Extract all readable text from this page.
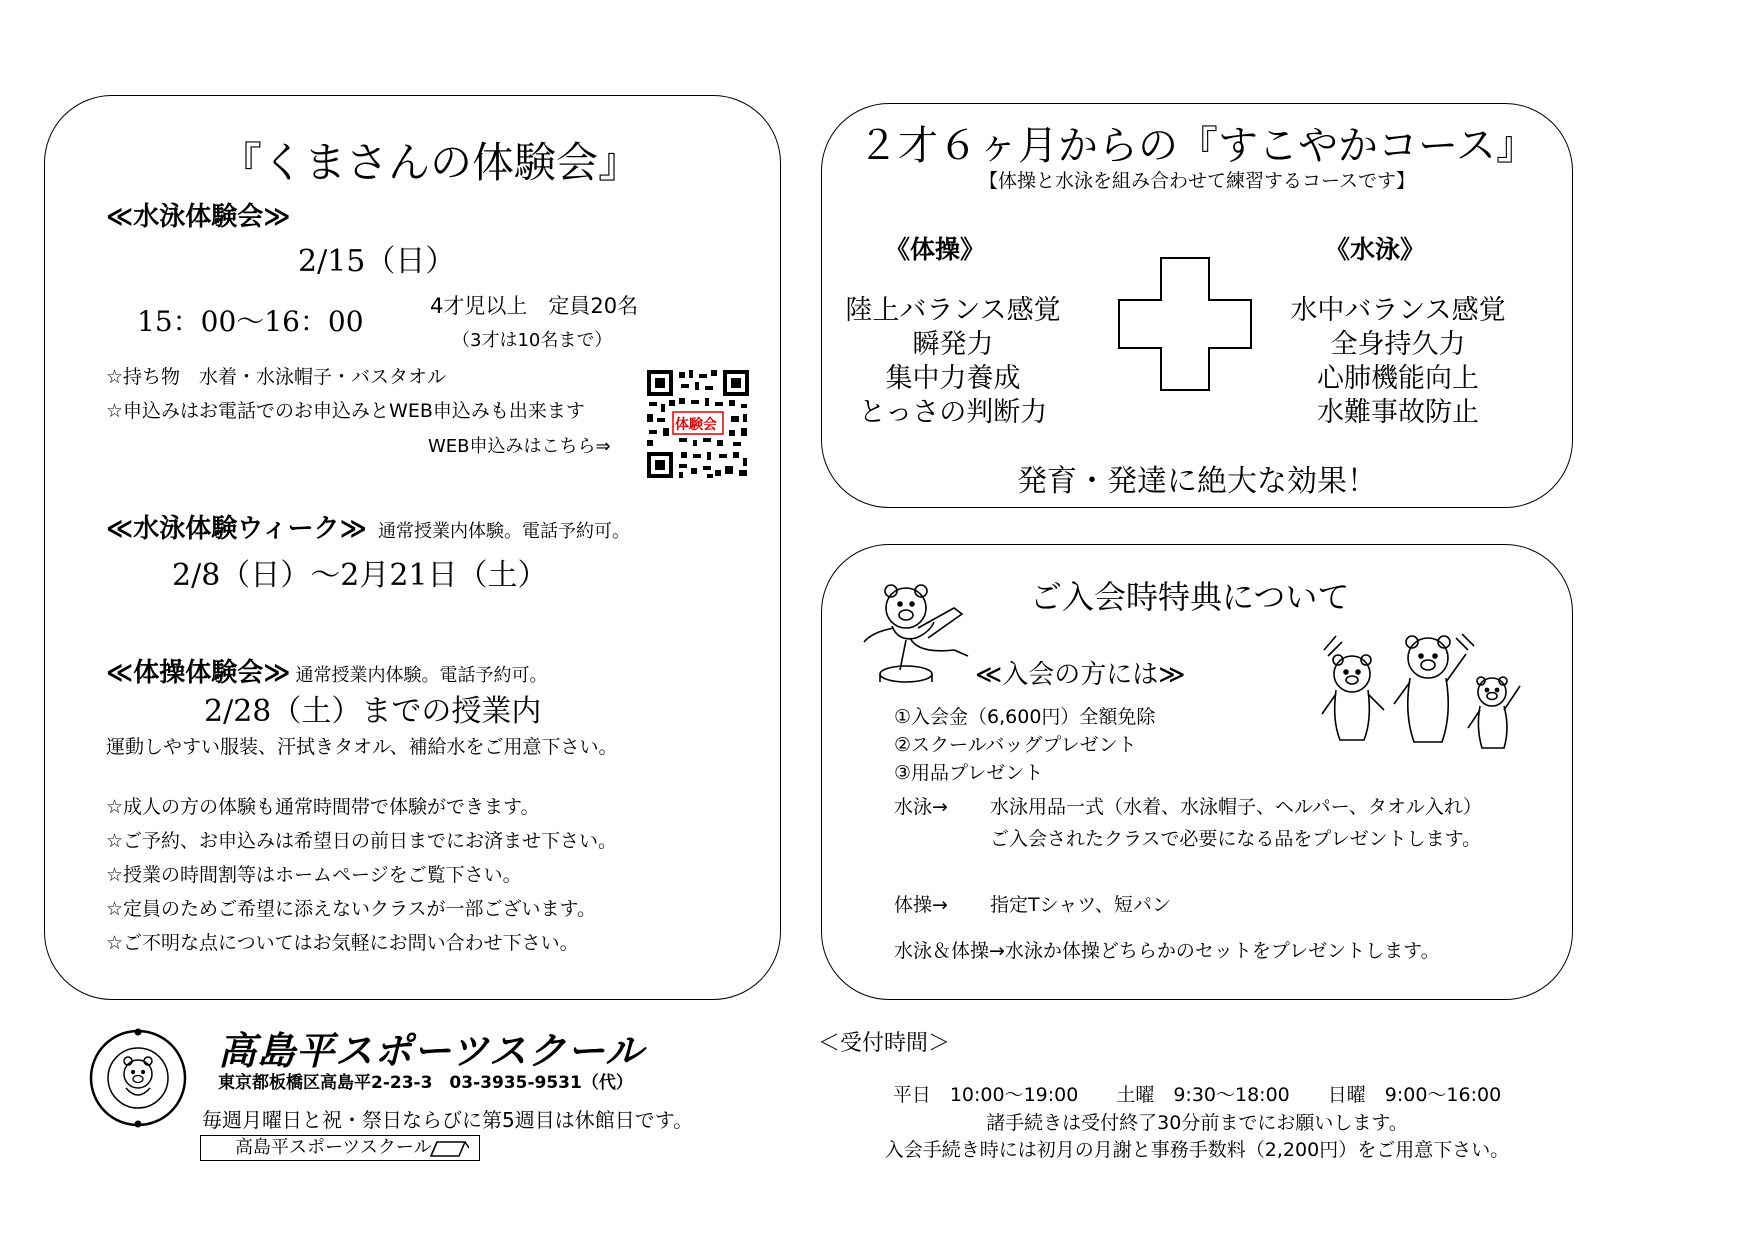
『くまさんの体験会』
≪水泳体験会≫
2/15（日）
15：00～16：00	4才児以上　定員20名
（3才は10名まで）
☆持ち物　水着・水泳帽子・バスタオル
☆申込みはお電話でのお申込みとWEB申込みも出来ます
WEB申込みはこちら⇒
体験会
≪水泳体験ウィーク≫ 通常授業内体験。電話予約可。
2/8（日）～2月21日（土）
≪体操体験会≫ 通常授業内体験。電話予約可。
2/28（土）までの授業内
運動しやすい服装、汗拭きタオル、補給水をご用意下さい。
☆成人の方の体験も通常時間帯で体験ができます。
☆ご予約、お申込みは希望日の前日までにお済ませ下さい。
☆授業の時間割等はホームページをご覧下さい。
☆定員のためご希望に添えないクラスが一部ございます。
☆ご不明な点についてはお気軽にお問い合わせ下さい。
２才６ヶ月からの『すこやかコース』
【体操と水泳を組み合わせて練習するコースです】
《体操》
陸上バランス感覚
瞬発力
集中力養成
とっさの判断力
《水泳》
水中バランス感覚
全身持久力
心肺機能向上
水難事故防止
発育・発達に絶大な効果！
ご入会時特典について
≪入会の方には≫
①入会金（6,600円）全額免除
②スクールバッグプレゼント
③用品プレゼント
水泳→ 水泳用品一式（水着、水泳帽子、ヘルパー、タオル入れ）
ご入会されたクラスで必要になる品をプレゼントします。
体操→ 指定Tシャツ、短パン
水泳＆体操→水泳か体操どちらかのセットをプレゼントします。
高島平スポーツスクール
東京都板橋区高島平2-23-3　03-3935-9531（代）
毎週月曜日と祝・祭日ならびに第5週目は休館日です。
高島平スポーツスクール
＜受付時間＞
平日　10:00～19:00　　土曜　9:30～18:00　　日曜　9:00～16:00
諸手続きは受付終了30分前までにお願いします。
入会手続き時には初月の月謝と事務手数料（2,200円）をご用意下さい。
